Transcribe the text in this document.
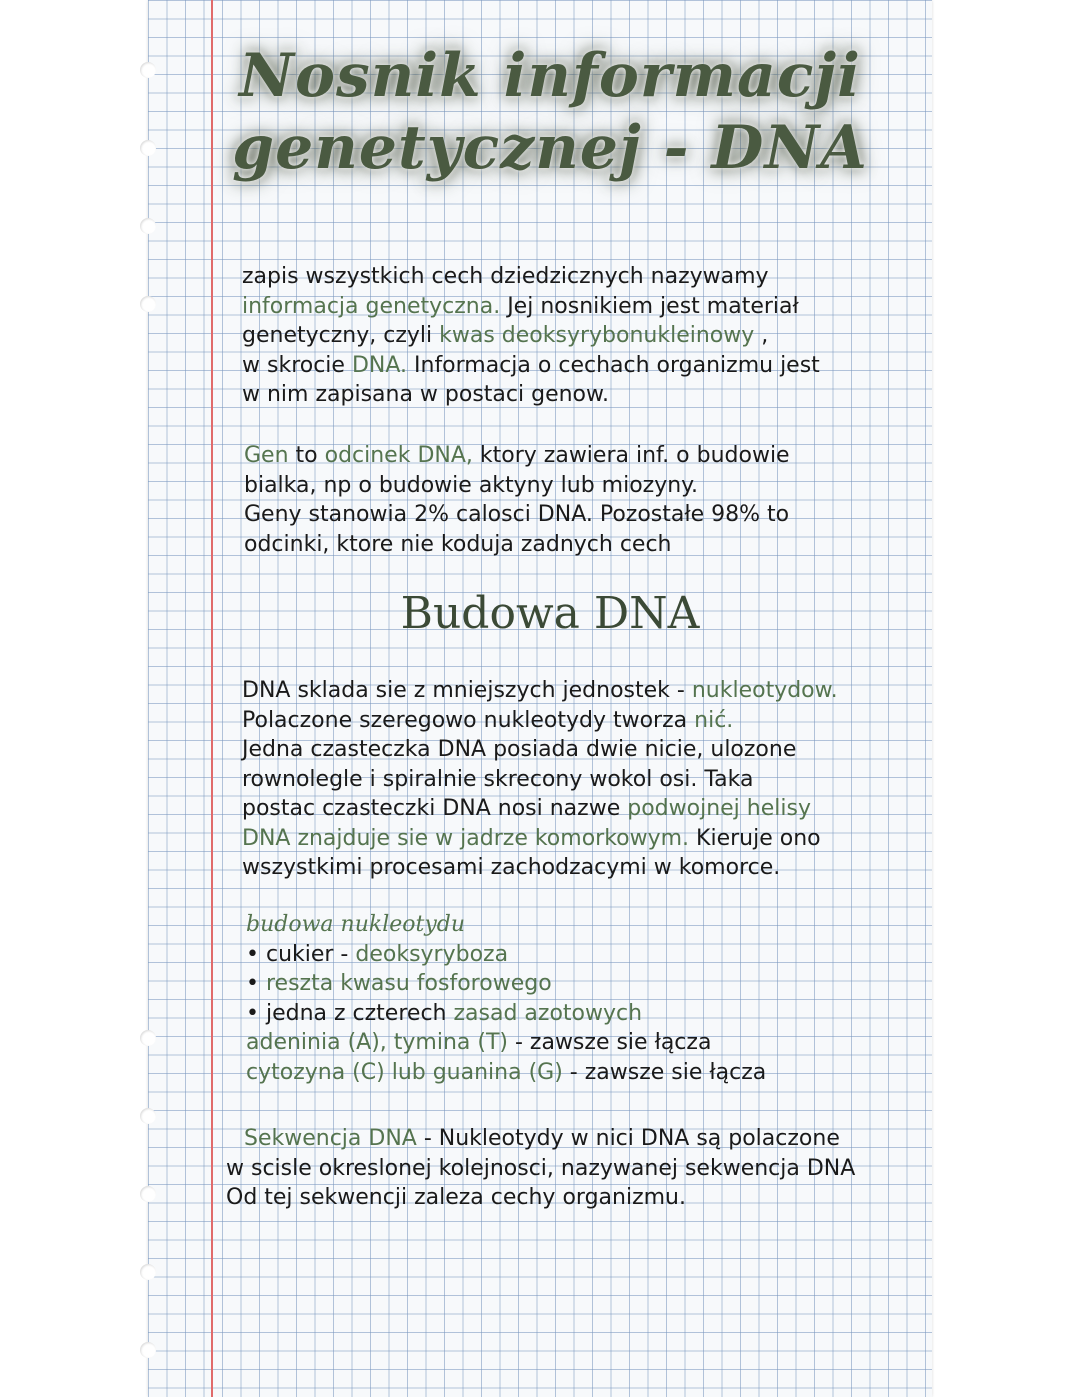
Nosnik informacji
genetycznej - DNA
zapis wszystkich cech dziedzicznych nazywamy
informacja genetyczna. Jej nosnikiem jest materiał
genetyczny, czyli kwas deoksyrybonukleinowy ,
w skrocie DNA. Informacja o cechach organizmu jest
w nim zapisana w postaci genow.
Gen to odcinek DNA, ktory zawiera inf. o budowie
bialka, np o budowie aktyny lub miozyny.
Geny stanowia 2% calosci DNA. Pozostałe 98% to
odcinki, ktore nie koduja zadnych cech
Budowa DNA
DNA sklada sie z mniejszych jednostek - nukleotydow.
Polaczone szeregowo nukleotydy tworza nić.
Jedna czasteczka DNA posiada dwie nicie, ulozone
rownolegle i spiralnie skrecony wokol osi. Taka
postac czasteczki DNA nosi nazwe podwojnej helisy
DNA znajduje sie w jadrze komorkowym. Kieruje ono
wszystkimi procesami zachodzacymi w komorce.
budowa nukleotydu
• cukier - deoksyryboza
• reszta kwasu fosforowego
• jedna z czterech zasad azotowych
adeninia (A), tymina (T) - zawsze sie łącza
cytozyna (C) lub guanina (G) - zawsze sie łącza
Sekwencja DNA - Nukleotydy w nici DNA są polaczone
w scisle okreslonej kolejnosci, nazywanej sekwencja DNA
Od tej sekwencji zaleza cechy organizmu.
